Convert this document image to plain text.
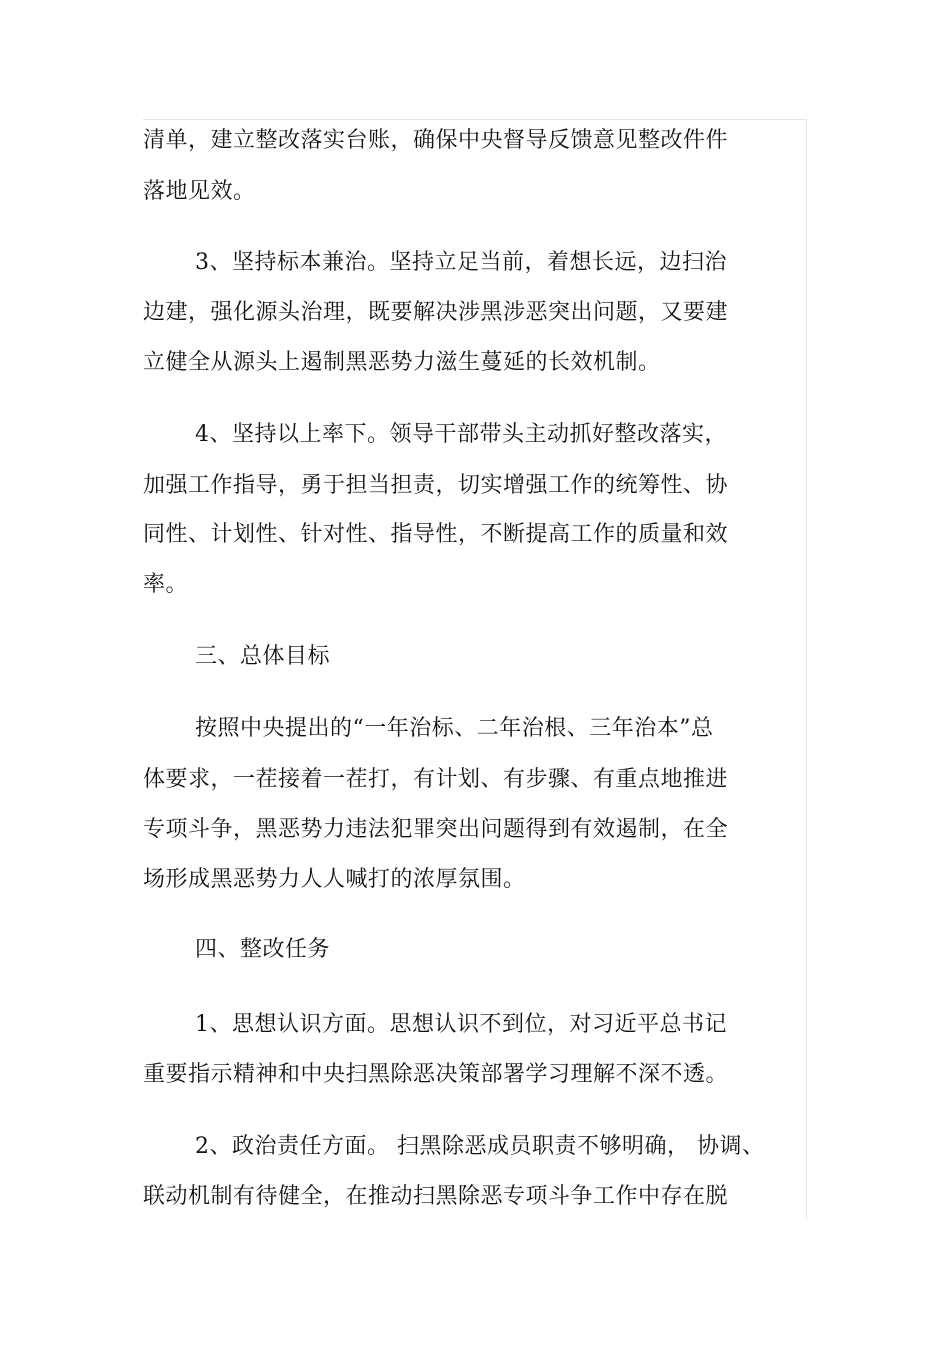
清单，建立整改落实台账，确保中央督导反馈意见整改件件
落地见效。
3、坚持标本兼治。坚持立足当前，着想长远，边扫治
边建，强化源头治理，既要解决涉黑涉恶突出问题，又要建
立健全从源头上遏制黑恶势力滋生蔓延的长效机制。
4、坚持以上率下。领导干部带头主动抓好整改落实，
加强工作指导，勇于担当担责，切实增强工作的统筹性、协
同性、计划性、针对性、指导性，不断提高工作的质量和效
率。
三、总体目标
按照中央提出的“一年治标、二年治根、三年治本”总
体要求，一茬接着一茬打，有计划、有步骤、有重点地推进
专项斗争，黑恶势力违法犯罪突出问题得到有效遏制，在全
场形成黑恶势力人人喊打的浓厚氛围。
四、整改任务
1、思想认识方面。思想认识不到位，对习近平总书记
重要指示精神和中央扫黑除恶决策部署学习理解不深不透。
2、政治责任方面。 扫黑除恶成员职责不够明确， 协调、
联动机制有待健全，在推动扫黑除恶专项斗争工作中存在脱
